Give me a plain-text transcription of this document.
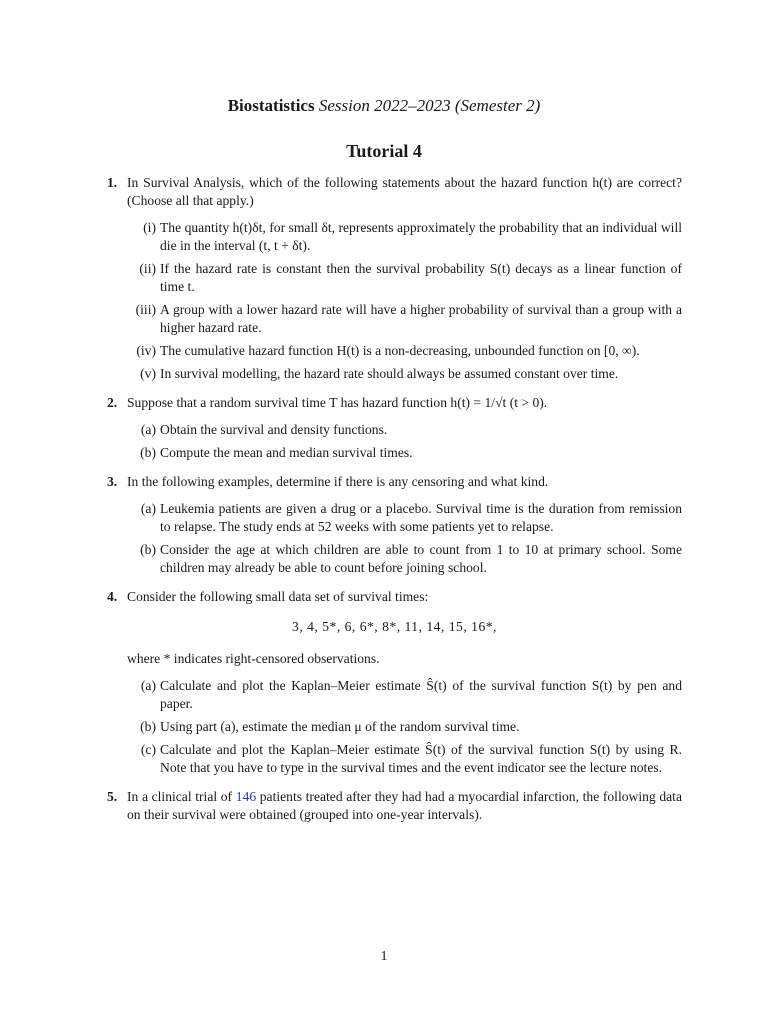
Biostatistics Session 2022–2023 (Semester 2)
Tutorial 4
1. In Survival Analysis, which of the following statements about the hazard function h(t) are correct? (Choose all that apply.)
(i) The quantity h(t)δt, for small δt, represents approximately the probability that an individual will die in the interval (t, t + δt).
(ii) If the hazard rate is constant then the survival probability S(t) decays as a linear function of time t.
(iii) A group with a lower hazard rate will have a higher probability of survival than a group with a higher hazard rate.
(iv) The cumulative hazard function H(t) is a non-decreasing, unbounded function on [0, ∞).
(v) In survival modelling, the hazard rate should always be assumed constant over time.
2. Suppose that a random survival time T has hazard function h(t) = 1/√t (t > 0).
(a) Obtain the survival and density functions.
(b) Compute the mean and median survival times.
3. In the following examples, determine if there is any censoring and what kind.
(a) Leukemia patients are given a drug or a placebo. Survival time is the duration from remission to relapse. The study ends at 52 weeks with some patients yet to relapse.
(b) Consider the age at which children are able to count from 1 to 10 at primary school. Some children may already be able to count before joining school.
4. Consider the following small data set of survival times:
3, 4, 5*, 6, 6*, 8*, 11, 14, 15, 16*,
where * indicates right-censored observations.
(a) Calculate and plot the Kaplan–Meier estimate Ŝ(t) of the survival function S(t) by pen and paper.
(b) Using part (a), estimate the median μ of the random survival time.
(c) Calculate and plot the Kaplan–Meier estimate Ŝ(t) of the survival function S(t) by using R. Note that you have to type in the survival times and the event indicator see the lecture notes.
5. In a clinical trial of 146 patients treated after they had had a myocardial infarction, the following data on their survival were obtained (grouped into one-year intervals).
1
